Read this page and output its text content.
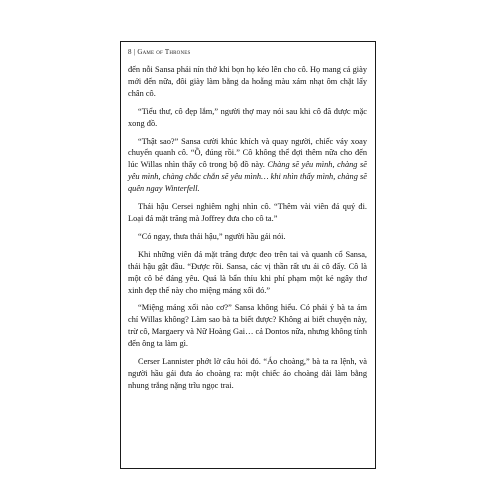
8 | Game of Thrones

đến nỗi Sansa phải nín thở khi bọn họ kéo lên cho cô. Họ mang cả giày mới đến nữa, đôi giày làm bằng da hoẵng màu xám nhạt ôm chặt lấy chân cô.

“Tiểu thư, cô đẹp lắm,” người thợ may nói sau khi cô đã được mặc xong đồ.

“Thật sao?” Sansa cười khúc khích và quay người, chiếc váy xoay chuyển quanh cô. “Ồ, đúng rồi.” Cô không thể đợi thêm nữa cho đến lúc Willas nhìn thấy cô trong bộ đồ này. Chàng sẽ yêu mình, chàng sẽ yêu mình, chàng chắc chắn sẽ yêu mình… khi nhìn thấy mình, chàng sẽ quên ngay Winterfell.

Thái hậu Cersei nghiêm nghị nhìn cô. “Thêm vài viên đá quý đi. Loại đá mặt trăng mà Joffrey đưa cho cô ta.”

“Có ngay, thưa thái hậu,” người hầu gái nói.

Khi những viên đá mặt trăng được đeo trên tai và quanh cổ Sansa, thái hậu gật đầu. “Được rồi. Sansa, các vị thần rất ưu ái cô đấy. Cô là một cô bé đáng yêu. Quả là bẩn thỉu khi phí phạm một kẻ ngây thơ xinh đẹp thế này cho miệng máng xối đó.”

“Miệng máng xối nào cơ?” Sansa không hiểu. Có phải ý bà ta ám chỉ Willas không? Làm sao bà ta biết được? Không ai biết chuyện này, trừ cô, Margaery và Nữ Hoàng Gai… cả Dontos nữa, nhưng không tính đến ông ta làm gì.

Cerser Lannister phớt lờ câu hỏi đó. “Áo choàng,” bà ta ra lệnh, và người hầu gái đưa áo choàng ra: một chiếc áo choàng dài làm bằng nhung trắng nặng trĩu ngọc trai.
